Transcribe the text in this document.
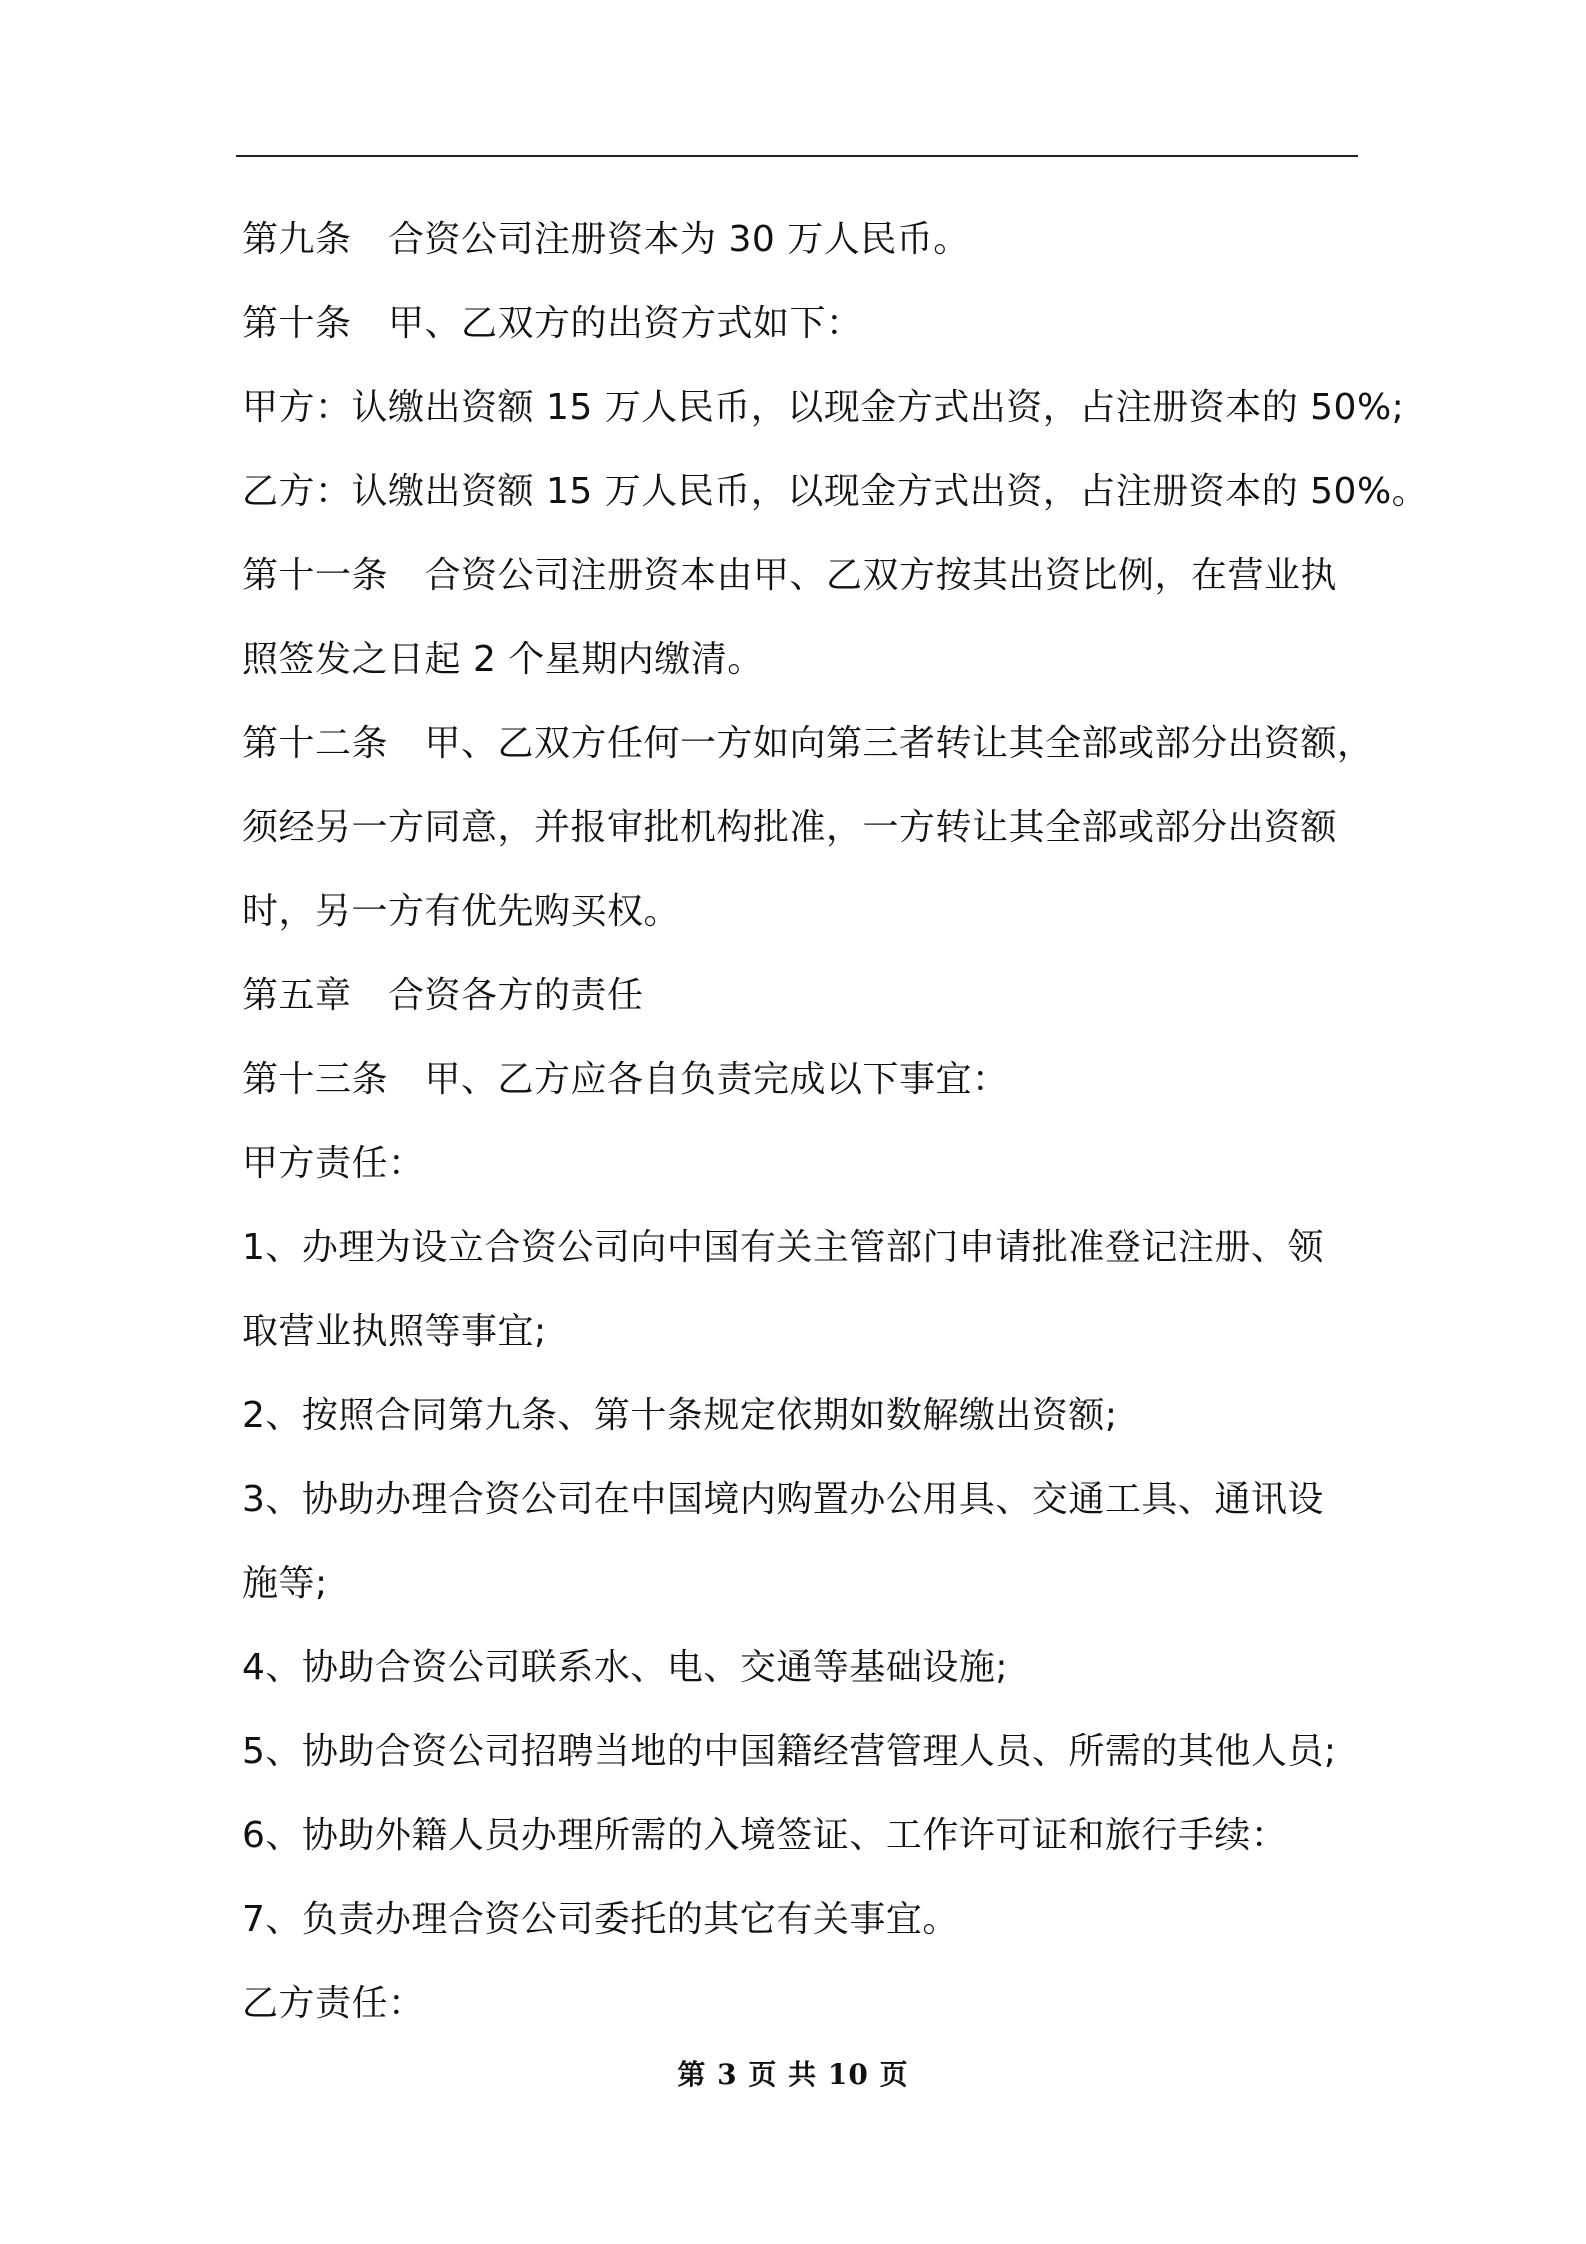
第九条　合资公司注册资本为 30 万人民币。
第十条　甲、乙双方的出资方式如下：
甲方：认缴出资额 15 万人民币，以现金方式出资，占注册资本的 50%;
乙方：认缴出资额 15 万人民币，以现金方式出资，占注册资本的 50%。
第十一条　合资公司注册资本由甲、乙双方按其出资比例，在营业执
照签发之日起 2 个星期内缴清。
第十二条　甲、乙双方任何一方如向第三者转让其全部或部分出资额，
须经另一方同意，并报审批机构批准，一方转让其全部或部分出资额
时，另一方有优先购买权。
第五章　合资各方的责任
第十三条　甲、乙方应各自负责完成以下事宜：
甲方责任：
1、办理为设立合资公司向中国有关主管部门申请批准登记注册、领
取营业执照等事宜;
2、按照合同第九条、第十条规定依期如数解缴出资额;
3、协助办理合资公司在中国境内购置办公用具、交通工具、通讯设
施等;
4、协助合资公司联系水、电、交通等基础设施;
5、协助合资公司招聘当地的中国籍经营管理人员、所需的其他人员;
6、协助外籍人员办理所需的入境签证、工作许可证和旅行手续：
7、负责办理合资公司委托的其它有关事宜。
乙方责任：
第 3 页 共 10 页
